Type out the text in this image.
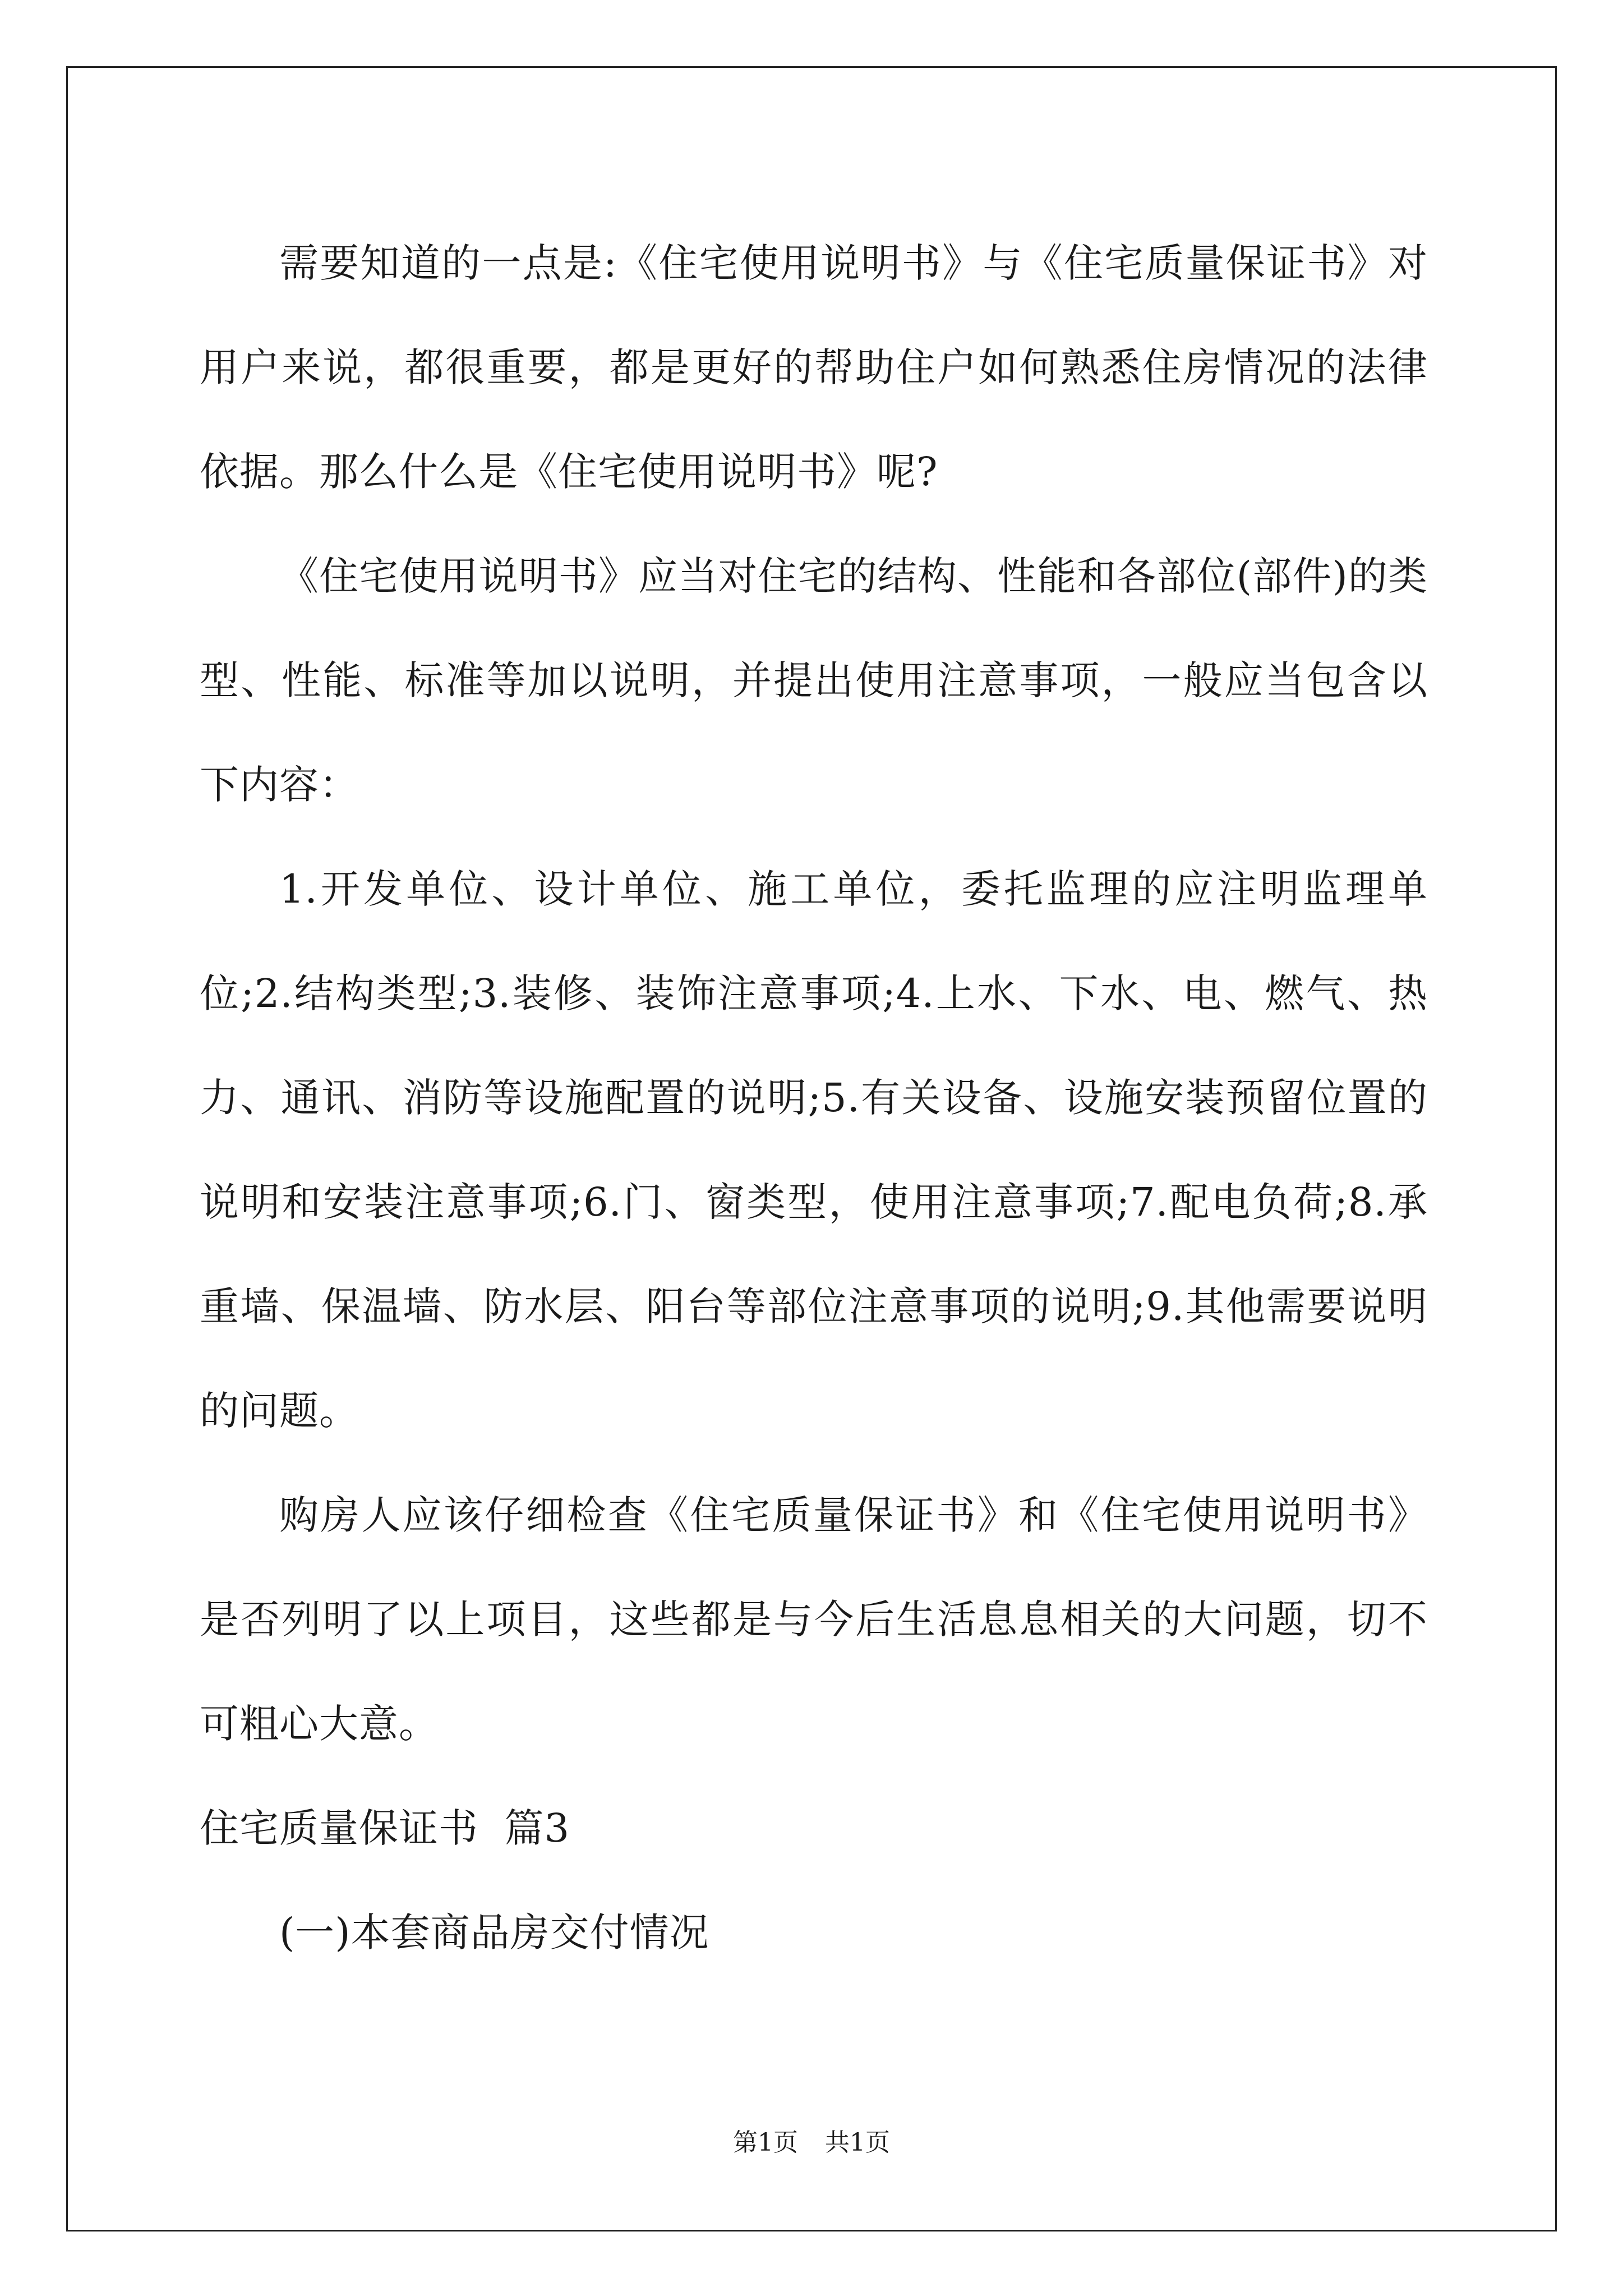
需要知道的一点是:《住宅使用说明书》与《住宅质量保证书》对用户来说，都很重要，都是更好的帮助住户如何熟悉住房情况的法律依据。那么什么是《住宅使用说明书》呢?

《住宅使用说明书》应当对住宅的结构、性能和各部位(部件)的类型、性能、标准等加以说明，并提出使用注意事项，一般应当包含以下内容：

1.开发单位、设计单位、施工单位，委托监理的应注明监理单位;2.结构类型;3.装修、装饰注意事项;4.上水、下水、电、燃气、热力、通讯、消防等设施配置的说明;5.有关设备、设施安装预留位置的说明和安装注意事项;6.门、窗类型，使用注意事项;7.配电负荷;8.承重墙、保温墙、防水层、阳台等部位注意事项的说明;9.其他需要说明的问题。

购房人应该仔细检查《住宅质量保证书》和《住宅使用说明书》是否列明了以上项目，这些都是与今后生活息息相关的大问题，切不可粗心大意。

住宅质量保证书  篇3

(一)本套商品房交付情况

第1页 共1页
